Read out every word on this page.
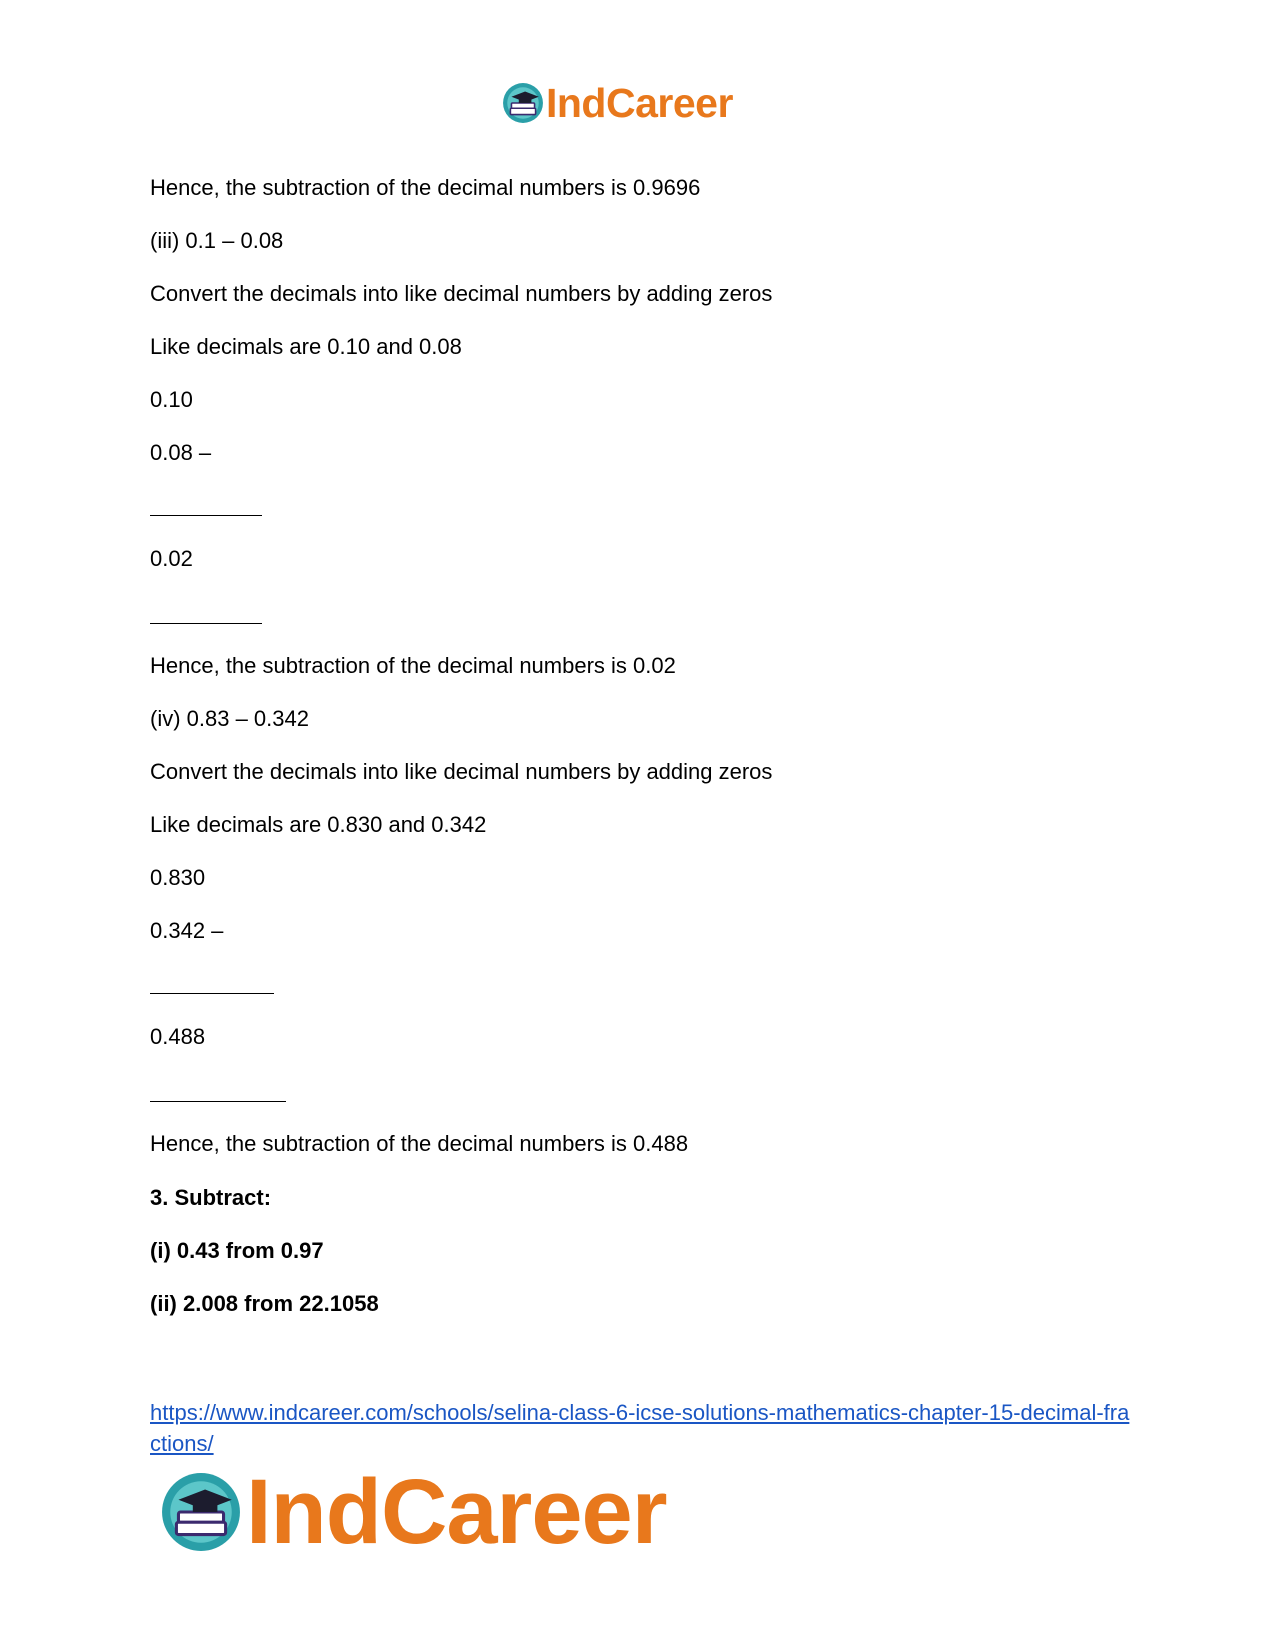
IndCareer
Hence, the subtraction of the decimal numbers is 0.9696
(iii) 0.1 – 0.08
Convert the decimals into like decimal numbers by adding zeros
Like decimals are 0.10 and 0.08
0.10
0.08 –
0.02
Hence, the subtraction of the decimal numbers is 0.02
(iv) 0.83 – 0.342
Convert the decimals into like decimal numbers by adding zeros
Like decimals are 0.830 and 0.342
0.830
0.342 –
0.488
Hence, the subtraction of the decimal numbers is 0.488
3. Subtract:
(i) 0.43 from 0.97
(ii) 2.008 from 22.1058
https://www.indcareer.com/schools/selina-class-6-icse-solutions-mathematics-chapter-15-decimal-fractions/
IndCareer
